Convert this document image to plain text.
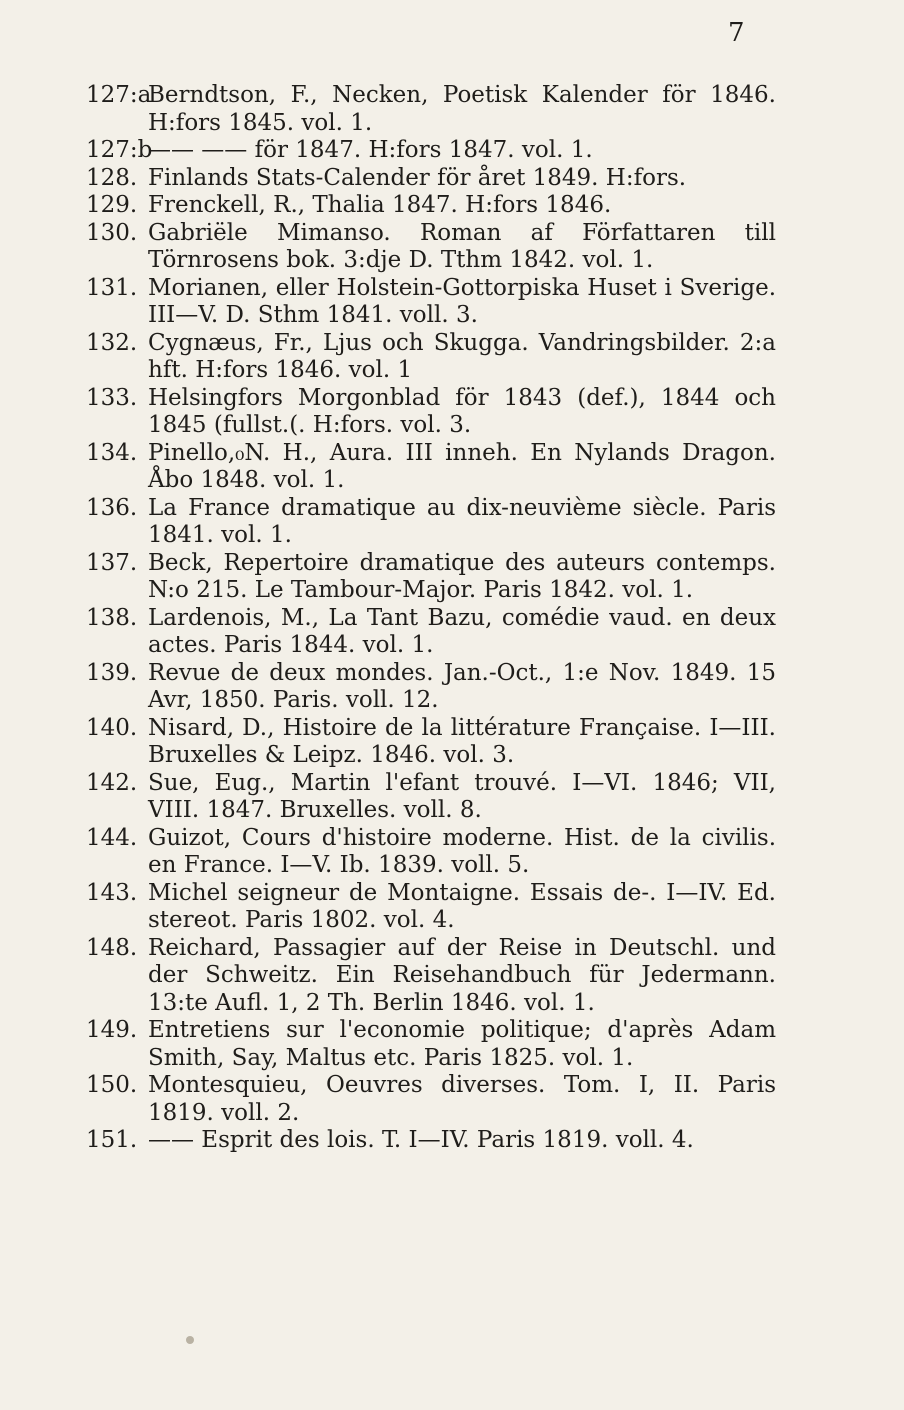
7
127:a
Berndtson, F., Necken, Poetisk Kalender för 1846. H:fors 1845. vol. 1.
127:b
—— —— för 1847. H:fors 1847. vol. 1.
128. Finlands Stats-Calender för året 1849. H:fors.
129. Frenckell, R., Thalia 1847. H:fors 1846.
130. Gabriële Mimanso. Roman af Författaren till Törnrosens bok. 3:dje D. Tthm 1842. vol. 1.
131. Morianen, eller Holstein-Gottorpiska Huset i Sverige. III—V. D. Sthm 1841. voll. 3.
132. Cygnæus, Fr., Ljus och Skugga. Vandringsbilder. 2:a hft. H:fors 1846. vol. 1
133. Helsingfors Morgonblad för 1843 (def.), 1844 och 1845 (fullst.(. H:fors. vol. 3.
134. Pinello,₀N. H., Aura. III inneh. En Nylands Dragon. Åbo 1848. vol. 1.
136. La France dramatique au dix-neuvième siècle. Paris 1841. vol. 1.
137. Beck, Repertoire dramatique des auteurs contemps. N:o 215. Le Tambour-Major. Paris 1842. vol. 1.
138. Lardenois, M., La Tant Bazu, comédie vaud. en deux actes. Paris 1844. vol. 1.
139. Revue de deux mondes. Jan.-Oct., 1:e Nov. 1849. 15 Avr, 1850. Paris. voll. 12.
140. Nisard, D., Histoire de la littérature Française. I—III. Bruxelles & Leipz. 1846. vol. 3.
142. Sue, Eug., Martin l'efant trouvé. I—VI. 1846; VII, VIII. 1847. Bruxelles. voll. 8.
144. Guizot, Cours d'histoire moderne. Hist. de la civilis. en France. I—V. Ib. 1839. voll. 5.
143. Michel seigneur de Montaigne. Essais de-. I—IV. Ed. stereot. Paris 1802. vol. 4.
148. Reichard, Passagier auf der Reise in Deutschl. und der Schweitz. Ein Reisehandbuch für Jedermann. 13:te Aufl. 1, 2 Th. Berlin 1846. vol. 1.
149. Entretiens sur l'economie politique; d'après Adam Smith, Say, Maltus etc. Paris 1825. vol. 1.
150. Montesquieu, Oeuvres diverses. Tom. I, II. Paris 1819. voll. 2.
151. —— Esprit des lois. T. I—IV. Paris 1819. voll. 4.
